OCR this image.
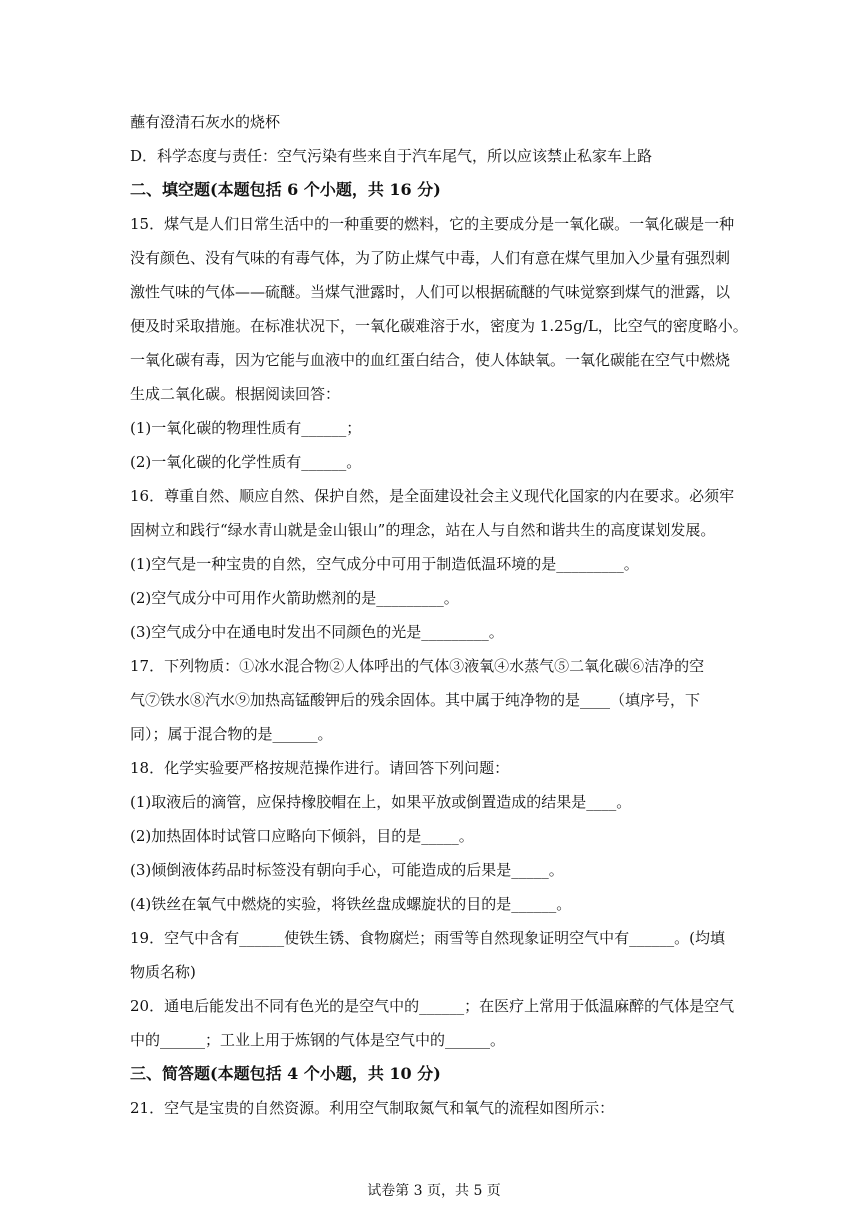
蘸有澄清石灰水的烧杯
D．科学态度与责任：空气污染有些来自于汽车尾气，所以应该禁止私家车上路
二、填空题(本题包括 6 个小题，共 16 分)
15．煤气是人们日常生活中的一种重要的燃料，它的主要成分是一氧化碳。一氧化碳是一种
没有颜色、没有气味的有毒气体，为了防止煤气中毒，人们有意在煤气里加入少量有强烈刺
激性气味的气体——硫醚。当煤气泄露时，人们可以根据硫醚的气味觉察到煤气的泄露，以
便及时采取措施。在标准状况下，一氧化碳难溶于水，密度为 1.25g/L，比空气的密度略小。
一氧化碳有毒，因为它能与血液中的血红蛋白结合，使人体缺氧。一氧化碳能在空气中燃烧
生成二氧化碳。根据阅读回答：
(1)一氧化碳的物理性质有______；
(2)一氧化碳的化学性质有______。
16．尊重自然、顺应自然、保护自然，是全面建设社会主义现代化国家的内在要求。必须牢
固树立和践行“绿水青山就是金山银山”的理念，站在人与自然和谐共生的高度谋划发展。
(1)空气是一种宝贵的自然，空气成分中可用于制造低温环境的是_________。
(2)空气成分中可用作火箭助燃剂的是_________。
(3)空气成分中在通电时发出不同颜色的光是_________。
17．下列物质：①冰水混合物②人体呼出的气体③液氧④水蒸气⑤二氧化碳⑥洁净的空
气⑦铁水⑧汽水⑨加热高锰酸钾后的残余固体。其中属于纯净物的是____（填序号，下
同）；属于混合物的是______。
18．化学实验要严格按规范操作进行。请回答下列问题：
(1)取液后的滴管，应保持橡胶帽在上，如果平放或倒置造成的结果是____。
(2)加热固体时试管口应略向下倾斜，目的是_____。
(3)倾倒液体药品时标签没有朝向手心，可能造成的后果是_____。
(4)铁丝在氧气中燃烧的实验，将铁丝盘成螺旋状的目的是______。
19．空气中含有______使铁生锈、食物腐烂；雨雪等自然现象证明空气中有______。(均填
物质名称)
20．通电后能发出不同有色光的是空气中的______；在医疗上常用于低温麻醉的气体是空气
中的______；工业上用于炼钢的气体是空气中的______。
三、简答题(本题包括 4 个小题，共 10 分)
21．空气是宝贵的自然资源。利用空气制取氮气和氧气的流程如图所示：
试卷第 3 页，共 5 页
